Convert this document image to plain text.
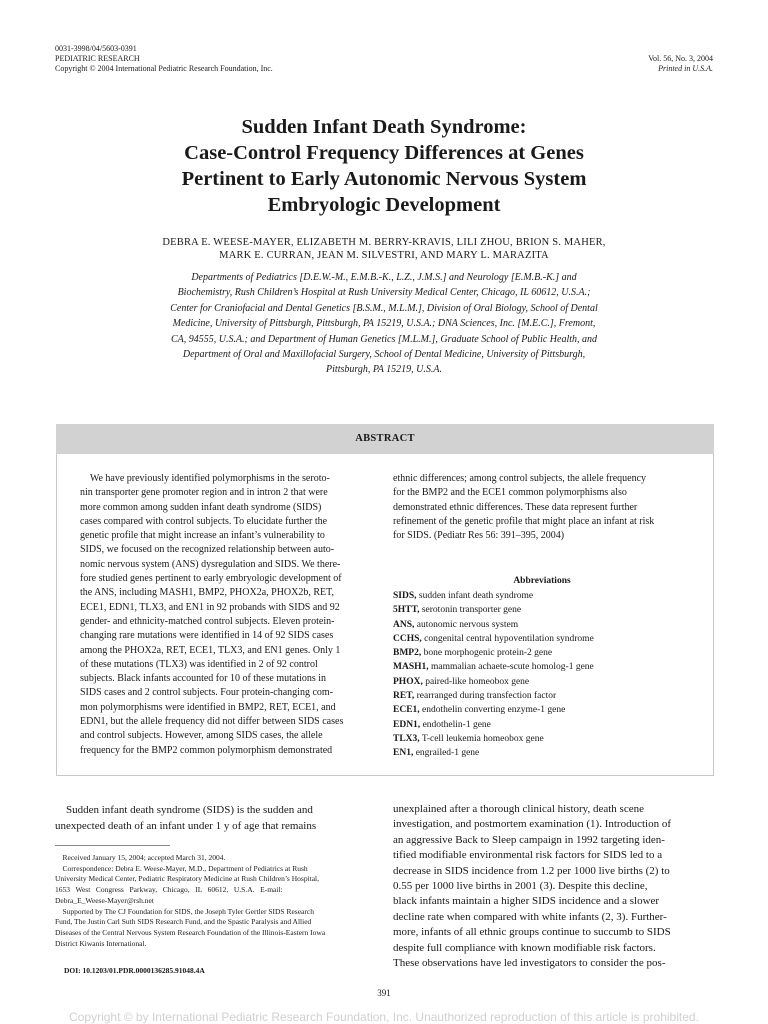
0031-3998/04/5603-0391
PEDIATRIC RESEARCH
Copyright © 2004 International Pediatric Research Foundation, Inc.
Vol. 56, No. 3, 2004
Printed in U.S.A.
Sudden Infant Death Syndrome:
Case-Control Frequency Differences at Genes
Pertinent to Early Autonomic Nervous System
Embryologic Development
DEBRA E. WEESE-MAYER, ELIZABETH M. BERRY-KRAVIS, LILI ZHOU, BRION S. MAHER,
MARK E. CURRAN, JEAN M. SILVESTRI, AND MARY L. MARAZITA
Departments of Pediatrics [D.E.W.-M., E.M.B.-K., L.Z., J.M.S.] and Neurology [E.M.B.-K.] and
Biochemistry, Rush Children’s Hospital at Rush University Medical Center, Chicago, IL 60612, U.S.A.;
Center for Craniofacial and Dental Genetics [B.S.M., M.L.M.], Division of Oral Biology, School of Dental
Medicine, University of Pittsburgh, Pittsburgh, PA 15219, U.S.A.; DNA Sciences, Inc. [M.E.C.], Fremont,
CA, 94555, U.S.A.; and Department of Human Genetics [M.L.M.], Graduate School of Public Health, and
Department of Oral and Maxillofacial Surgery, School of Dental Medicine, University of Pittsburgh,
Pittsburgh, PA 15219, U.S.A.
ABSTRACT
We have previously identified polymorphisms in the seroto-
nin transporter gene promoter region and in intron 2 that were
more common among sudden infant death syndrome (SIDS)
cases compared with control subjects. To elucidate further the
genetic profile that might increase an infant’s vulnerability to
SIDS, we focused on the recognized relationship between auto-
nomic nervous system (ANS) dysregulation and SIDS. We there-
fore studied genes pertinent to early embryologic development of
the ANS, including MASH1, BMP2, PHOX2a, PHOX2b, RET,
ECE1, EDN1, TLX3, and EN1 in 92 probands with SIDS and 92
gender- and ethnicity-matched control subjects. Eleven protein-
changing rare mutations were identified in 14 of 92 SIDS cases
among the PHOX2a, RET, ECE1, TLX3, and EN1 genes. Only 1
of these mutations (TLX3) was identified in 2 of 92 control
subjects. Black infants accounted for 10 of these mutations in
SIDS cases and 2 control subjects. Four protein-changing com-
mon polymorphisms were identified in BMP2, RET, ECE1, and
EDN1, but the allele frequency did not differ between SIDS cases
and control subjects. However, among SIDS cases, the allele
frequency for the BMP2 common polymorphism demonstrated
ethnic differences; among control subjects, the allele frequency
for the BMP2 and the ECE1 common polymorphisms also
demonstrated ethnic differences. These data represent further
refinement of the genetic profile that might place an infant at risk
for SIDS. (Pediatr Res 56: 391–395, 2004)
Abbreviations
SIDS, sudden infant death syndrome
5HTT, serotonin transporter gene
ANS, autonomic nervous system
CCHS, congenital central hypoventilation syndrome
BMP2, bone morphogenic protein-2 gene
MASH1, mammalian achaete-scute homolog-1 gene
PHOX, paired-like homeobox gene
RET, rearranged during transfection factor
ECE1, endothelin converting enzyme-1 gene
EDN1, endothelin-1 gene
TLX3, T-cell leukemia homeobox gene
EN1, engrailed-1 gene
Sudden infant death syndrome (SIDS) is the sudden and
unexpected death of an infant under 1 y of age that remains
Received January 15, 2004; accepted March 31, 2004.
Correspondence: Debra E. Weese-Mayer, M.D., Department of Pediatrics at Rush
University Medical Center, Pediatric Respiratory Medicine at Rush Children’s Hospital,
1653   West   Congress   Parkway,   Chicago,   IL   60612,   U.S.A.   E-mail:
Debra_E_Weese-Mayer@rsh.net
Supported by The CJ Foundation for SIDS, the Joseph Tyler Gertler SIDS Research
Fund, The Justin Carl Suth SIDS Research Fund, and the Spastic Paralysis and Allied
Diseases of the Central Nervous System Research Foundation of the Illinois-Eastern Iowa
District Kiwanis International.
DOI: 10.1203/01.PDR.0000136285.91048.4A
unexplained after a thorough clinical history, death scene
investigation, and postmortem examination (1). Introduction of
an aggressive Back to Sleep campaign in 1992 targeting iden-
tified modifiable environmental risk factors for SIDS led to a
decrease in SIDS incidence from 1.2 per 1000 live births (2) to
0.55 per 1000 live births in 2001 (3). Despite this decline,
black infants maintain a higher SIDS incidence and a slower
decline rate when compared with white infants (2, 3). Further-
more, infants of all ethnic groups continue to succumb to SIDS
despite full compliance with known modifiable risk factors.
These observations have led investigators to consider the pos-
391
Copyright © by International Pediatric Research Foundation, Inc. Unauthorized reproduction of this article is prohibited.
